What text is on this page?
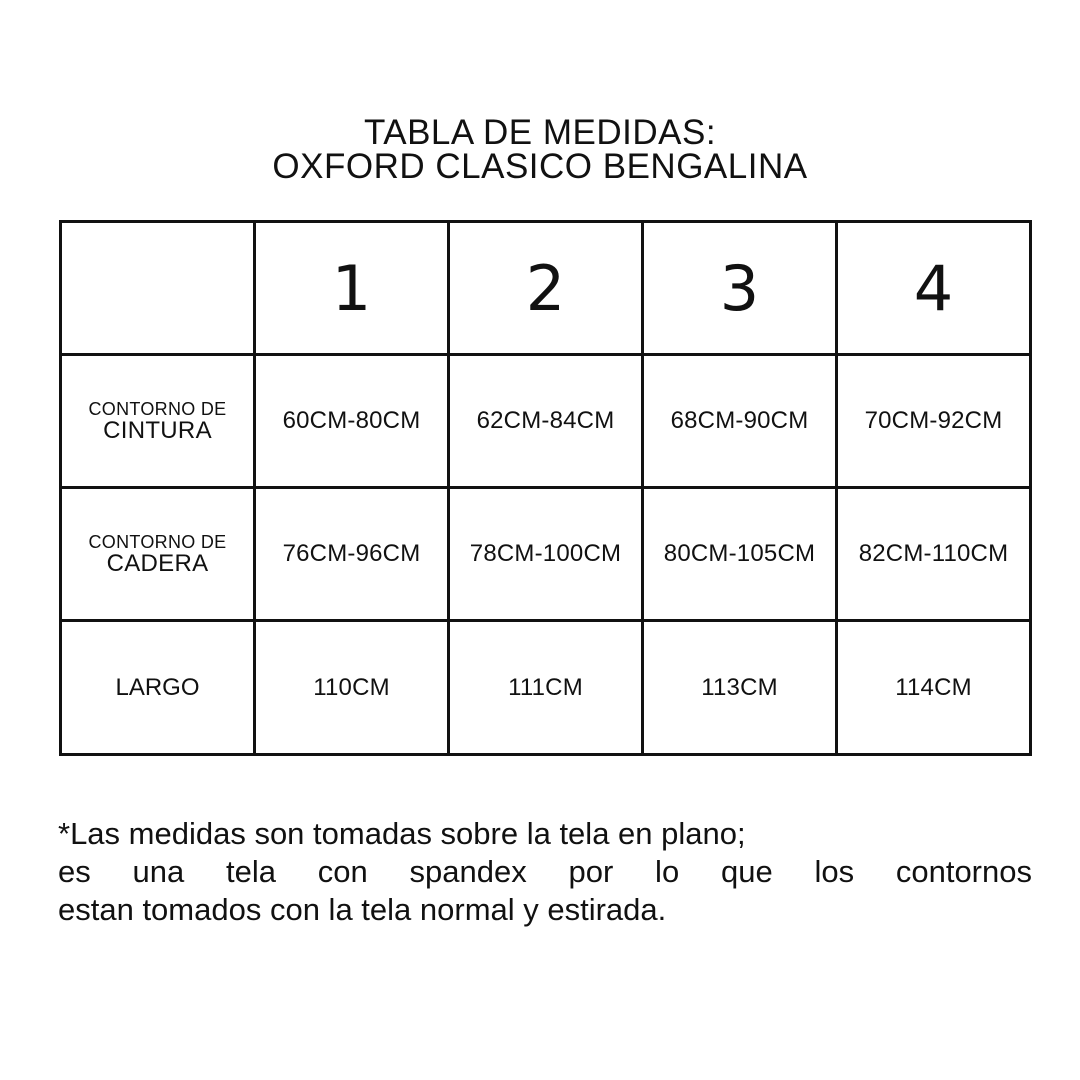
TABLA DE MEDIDAS:
OXFORD CLASICO BENGALINA
	1	2	3	4

CONTORNO DE
CINTURA	60CM-80CM	62CM-84CM	68CM-90CM	70CM-92CM

CONTORNO DE
CADERA	76CM-96CM	78CM-100CM	80CM-105CM	82CM-110CM
LARGO	110CM	111CM	113CM	114CM
*Las medidas son tomadas sobre la tela en plano;
es una tela con spandex por lo que los contornos
estan tomados con la tela normal y estirada.
